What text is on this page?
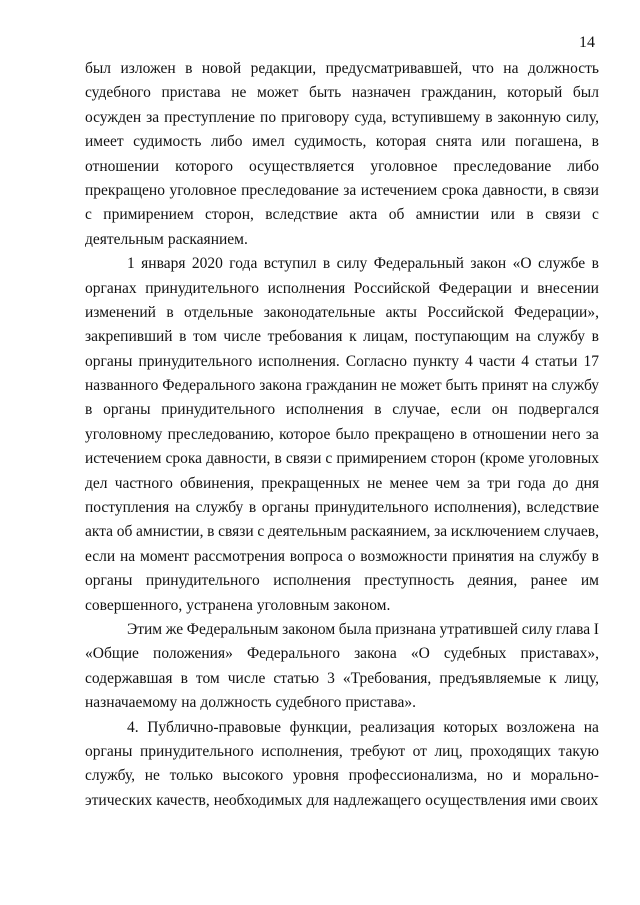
14
был изложен в новой редакции, предусматривавшей, что на должность
судебного пристава не может быть назначен гражданин, который был
осужден за преступление по приговору суда, вступившему в законную силу,
имеет судимость либо имел судимость, которая снята или погашена, в
отношении которого осуществляется уголовное преследование либо
прекращено уголовное преследование за истечением срока давности, в связи
с примирением сторон, вследствие акта об амнистии или в связи с
деятельным раскаянием.
1 января 2020 года вступил в силу Федеральный закон «О службе в
органах принудительного исполнения Российской Федерации и внесении
изменений в отдельные законодательные акты Российской Федерации»,
закрепивший в том числе требования к лицам, поступающим на службу в
органы принудительного исполнения. Согласно пункту 4 части 4 статьи 17
названного Федерального закона гражданин не может быть принят на службу
в органы принудительного исполнения в случае, если он подвергался
уголовному преследованию, которое было прекращено в отношении него за
истечением срока давности, в связи с примирением сторон (кроме уголовных
дел частного обвинения, прекращенных не менее чем за три года до дня
поступления на службу в органы принудительного исполнения), вследствие
акта об амнистии, в связи с деятельным раскаянием, за исключением случаев,
если на момент рассмотрения вопроса о возможности принятия на службу в
органы принудительного исполнения преступность деяния, ранее им
совершенного, устранена уголовным законом.
Этим же Федеральным законом была признана утратившей силу глава I
«Общие положения» Федерального закона «О судебных приставах»,
содержавшая в том числе статью 3 «Требования, предъявляемые к лицу,
назначаемому на должность судебного пристава».
4. Публично-правовые функции, реализация которых возложена на
органы принудительного исполнения, требуют от лиц, проходящих такую
службу, не только высокого уровня профессионализма, но и морально-
этических качеств, необходимых для надлежащего осуществления ими своих
